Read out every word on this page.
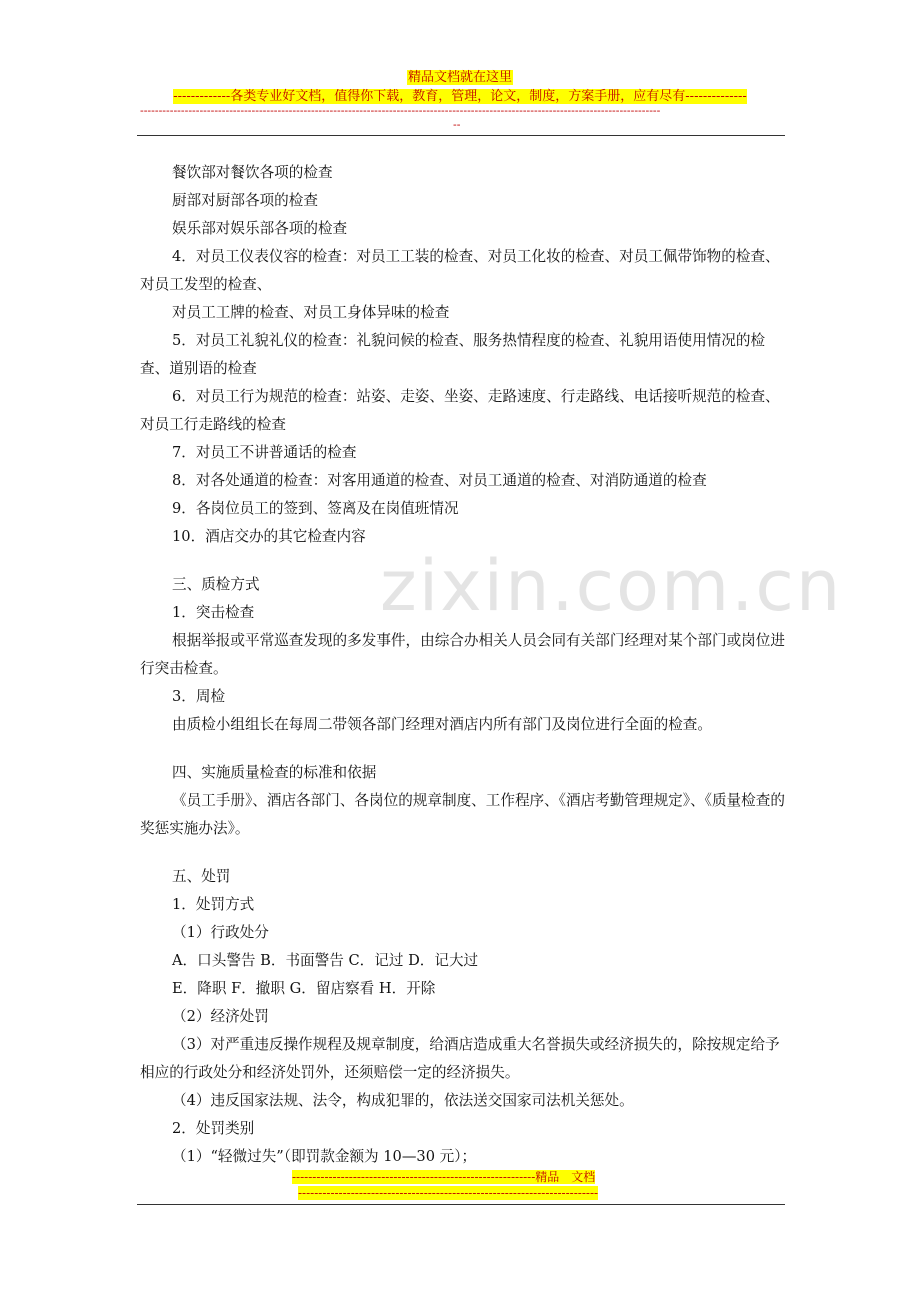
精品文档就在这里
-------------各类专业好文档，值得你下载，教育，管理，论文，制度，方案手册，应有尽有--------------
--------------------------------------------------------------------------------------------------------------------------------------------
--
zixin.com.cn

餐饮部对餐饮各项的检查

厨部对厨部各项的检查

娱乐部对娱乐部各项的检查

4．对员工仪表仪容的检查：对员工工装的检查、对员工化妆的检查、对员工佩带饰物的检查、对员工发型的检查、

对员工工牌的检查、对员工身体异味的检查

5．对员工礼貌礼仪的检查：礼貌问候的检查、服务热情程度的检查、礼貌用语使用情况的检查、道别语的检查

6．对员工行为规范的检查：站姿、走姿、坐姿、走路速度、行走路线、电话接听规范的检查、对员工行走路线的检查

7．对员工不讲普通话的检查

8．对各处通道的检查：对客用通道的检查、对员工通道的检查、对消防通道的检查

9．各岗位员工的签到、签离及在岗值班情况

10．酒店交办的其它检查内容

三、质检方式

1．突击检查

根据举报或平常巡查发现的多发事件，由综合办相关人员会同有关部门经理对某个部门或岗位进行突击检查。

3．周检

由质检小组组长在每周二带领各部门经理对酒店内所有部门及岗位进行全面的检查。

四、实施质量检查的标准和依据

《员工手册》、酒店各部门、各岗位的规章制度、工作程序、《酒店考勤管理规定》、《质量检查的奖惩实施办法》。

五、处罚

1．处罚方式

（1）行政处分

A．口头警告 B．书面警告 C．记过 D．记大过

E．降职 F．撤职 G．留店察看 H．开除

（2）经济处罚

（3）对严重违反操作规程及规章制度，给酒店造成重大名誉损失或经济损失的，除按规定给予相应的行政处分和经济处罚外，还须赔偿一定的经济损失。

（4）违反国家法规、法令，构成犯罪的，依法送交国家司法机关惩处。

2．处罚类别

（1）“轻微过失”（即罚款金额为 10—30 元）；

------------------------------------------------------------精品　文档
--------------------------------------------------------------------------
